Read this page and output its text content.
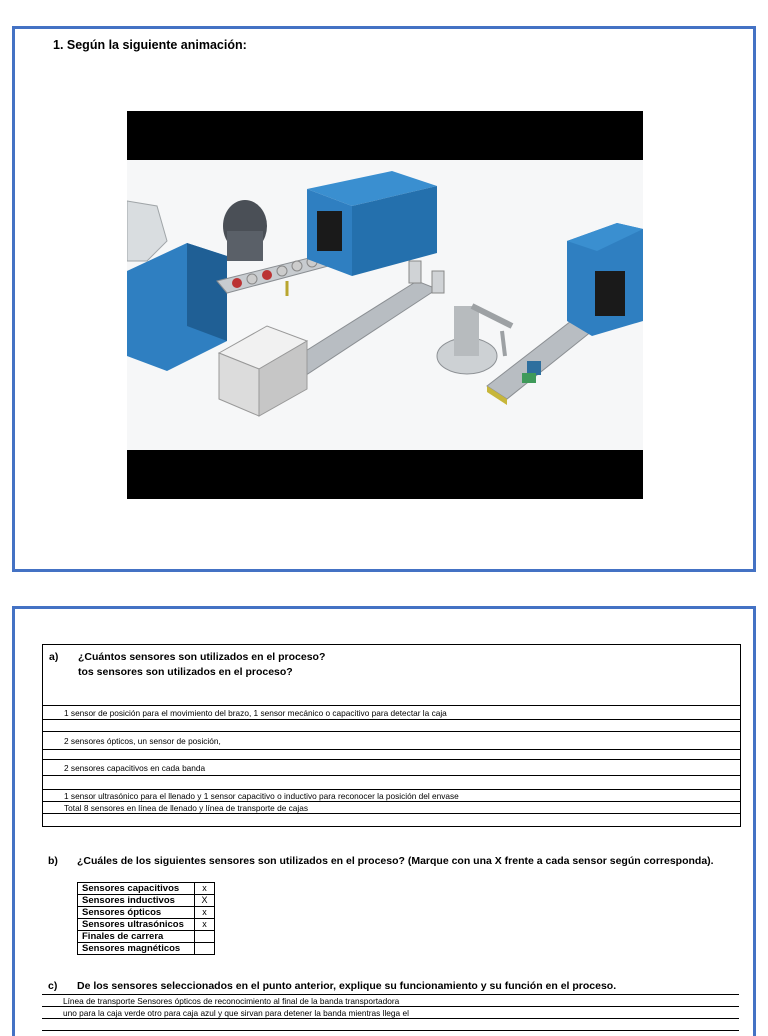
1. Según la siguiente animación:
a) ¿Cuántos sensores son utilizados en el proceso?
tos sensores son utilizados en el proceso?
1 sensor de posición para el movimiento del brazo, 1 sensor mecánico o capacitivo para detectar la caja
2 sensores ópticos, un sensor de posición,
2 sensores capacitivos en cada banda
1 sensor ultrasónico para el llenado y 1 sensor capacitivo o inductivo para reconocer la posición del envase
Total 8 sensores en línea de llenado y línea de transporte de cajas
b) ¿Cuáles de los siguientes sensores son utilizados en el proceso? (Marque con una X frente a cada sensor según corresponda).
Sensores capacitivos	x
Sensores inductivos	X
Sensores ópticos	x
Sensores ultrasónicos	x
Finales de carrera	
Sensores magnéticos	
c) De los sensores seleccionados en el punto anterior, explique su funcionamiento y su función en el proceso.
Línea de transporte Sensores ópticos de reconocimiento al final de la banda transportadora
uno para la caja verde otro para caja azul y que sirvan para detener la banda mientras llega el
